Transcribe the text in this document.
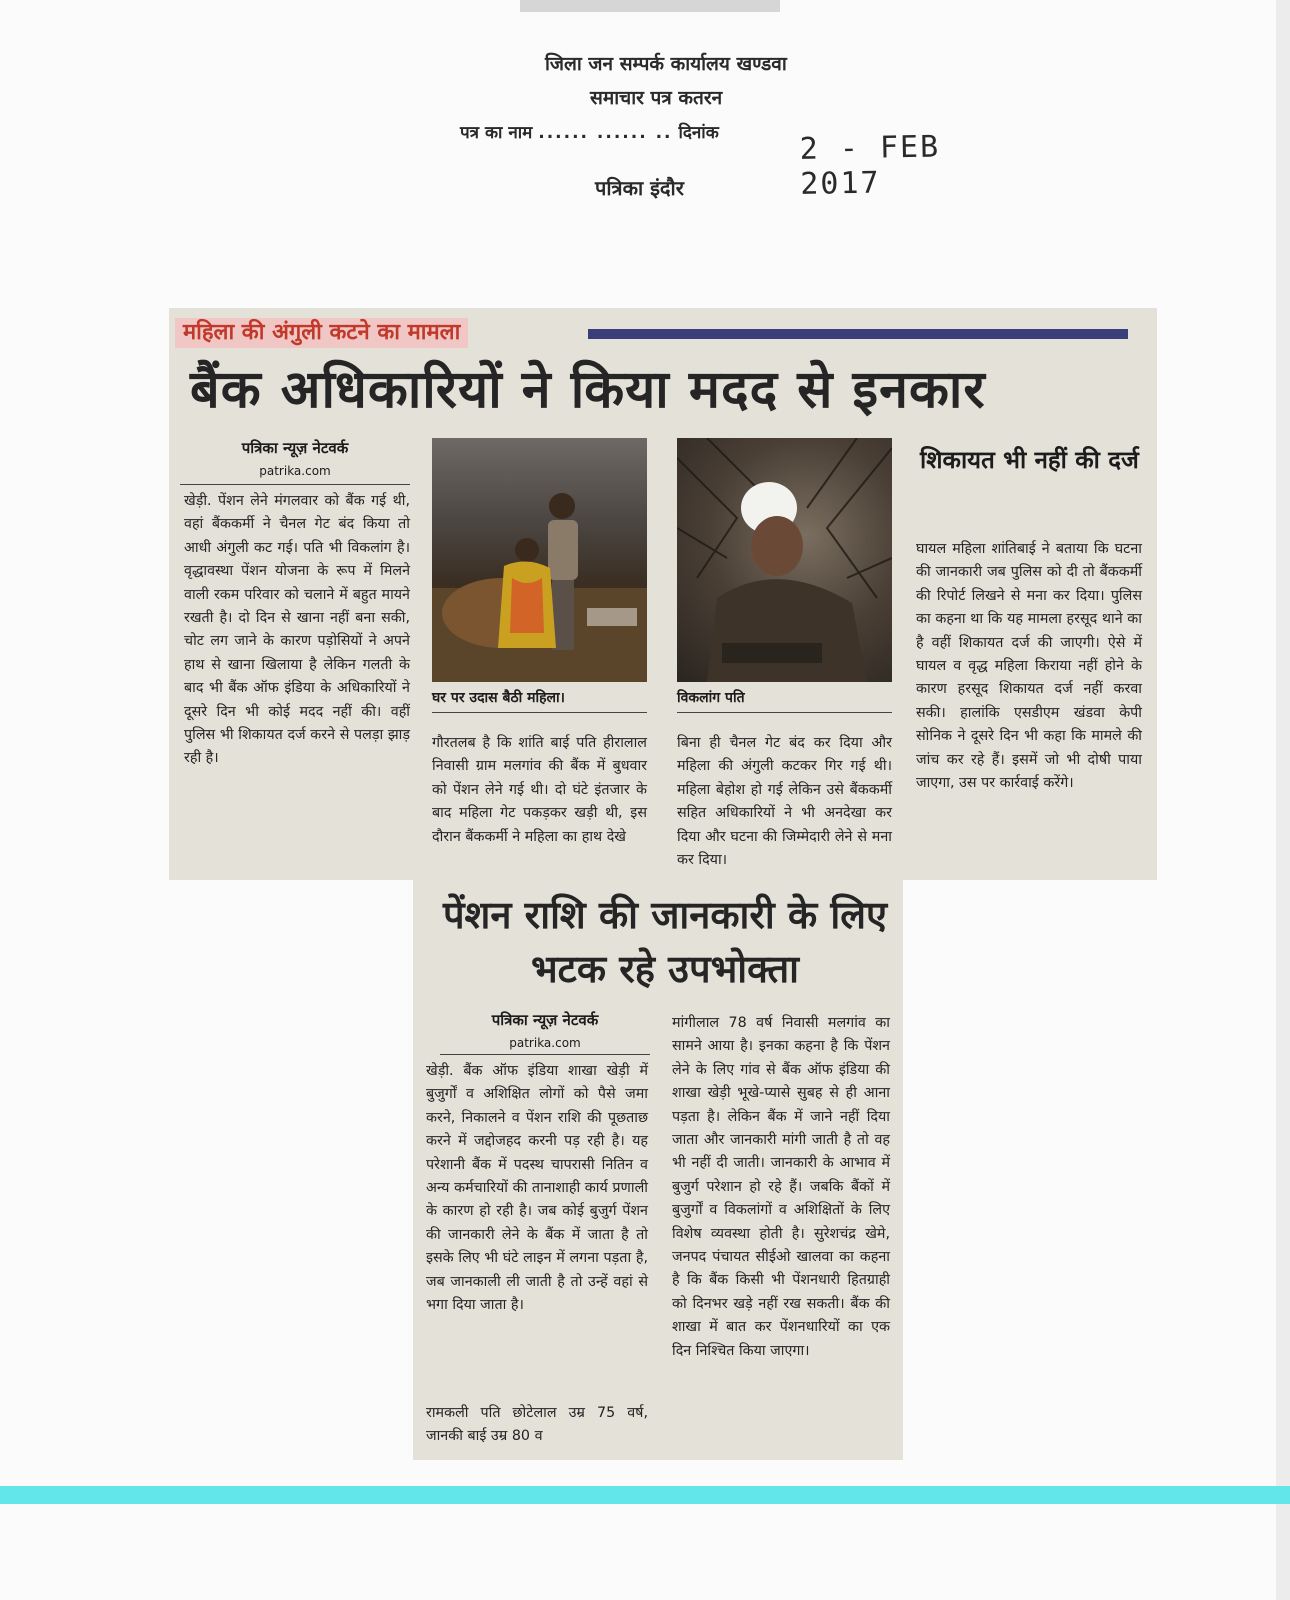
जिला जन सम्पर्क कार्यालय खण्डवा
समाचार पत्र कतरन
पत्र का नाम ...... ...... .. दिनांक	2 - FEB 2017
पत्रिका इंदौर
महिला की अंगुली कटने का मामला
बैंक अधिकारियों ने किया मदद से इनकार
पत्रिका न्यूज़ नेटवर्क
patrika.com
खेड़ी. पेंशन लेने मंगलवार को बैंक गई थी, वहां बैंककर्मी ने चैनल गेट बंद किया तो आधी अंगुली कट गई। पति भी विकलांग है। वृद्धावस्था पेंशन योजना के रूप में मिलने वाली रकम परिवार को चलाने में बहुत मायने रखती है। दो दिन से खाना नहीं बना सकी, चोट लग जाने के कारण पड़ोसियों ने अपने हाथ से खाना खिलाया है लेकिन गलती के बाद भी बैंक ऑफ इंडिया के अधिकारियों ने दूसरे दिन भी कोई मदद नहीं की। वहीं पुलिस भी शिकायत दर्ज करने से पलड़ा झाड़ रही है।
घर पर उदास बैठी महिला।	विकलांग पति
गौरतलब है कि शांति बाई पति हीरालाल निवासी ग्राम मलगांव की बैंक में बुधवार को पेंशन लेने गई थी। दो घंटे इंतजार के बाद महिला गेट पकड़कर खड़ी थी, इस दौरान बैंककर्मी ने महिला का हाथ देखे
बिना ही चैनल गेट बंद कर दिया और महिला की अंगुली कटकर गिर गई थी। महिला बेहोश हो गई लेकिन उसे बैंककर्मी सहित अधिकारियों ने भी अनदेखा कर दिया और घटना की जिम्मेदारी लेने से मना कर दिया।
शिकायत भी नहीं की दर्ज
घायल महिला शांतिबाई ने बताया कि घटना की जानकारी जब पुलिस को दी तो बैंककर्मी की रिपोर्ट लिखने से मना कर दिया। पुलिस का कहना था कि यह मामला हरसूद थाने का है वहीं शिकायत दर्ज की जाएगी। ऐसे में घायल व वृद्ध महिला किराया नहीं होने के कारण हरसूद शिकायत दर्ज नहीं करवा सकी। हालांकि एसडीएम खंडवा केपी सोनिक ने दूसरे दिन भी कहा कि मामले की जांच कर रहे हैं। इसमें जो भी दोषी पाया जाएगा, उस पर कार्रवाई करेंगे।
पेंशन राशि की जानकारी के लिए भटक रहे उपभोक्ता
पत्रिका न्यूज़ नेटवर्क
patrika.com
खेड़ी. बैंक ऑफ इंडिया शाखा खेड़ी में बुजुर्गों व अशिक्षित लोगों को पैसे जमा करने, निकालने व पेंशन राशि की पूछताछ करने में जद्दोजहद करनी पड़ रही है। यह परेशानी बैंक में पदस्थ चापरासी नितिन व अन्य कर्मचारियों की तानाशाही कार्य प्रणाली के कारण हो रही है। जब कोई बुजुर्ग पेंशन की जानकारी लेने के बैंक में जाता है तो इसके लिए भी घंटे लाइन में लगना पड़ता है, जब जानकाली ली जाती है तो उन्हें वहां से भगा दिया जाता है।
रामकली पति छोटेलाल उम्र 75 वर्ष, जानकी बाई उम्र 80 व
मांगीलाल 78 वर्ष निवासी मलगांव का सामने आया है। इनका कहना है कि पेंशन लेने के लिए गांव से बैंक ऑफ इंडिया की शाखा खेड़ी भूखे-प्यासे सुबह से ही आना पड़ता है। लेकिन बैंक में जाने नहीं दिया जाता और जानकारी मांगी जाती है तो वह भी नहीं दी जाती। जानकारी के आभाव में बुजुर्ग परेशान हो रहे हैं। जबकि बैंकों में बुजुर्गों व विकलांगों व अशिक्षितों के लिए विशेष व्यवस्था होती है। सुरेशचंद्र खेमे, जनपद पंचायत सीईओ खालवा का कहना है कि बैंक किसी भी पेंशनधारी हितग्राही को दिनभर खड़े नहीं रख सकती। बैंक की शाखा में बात कर पेंशनधारियों का एक दिन निश्चित किया जाएगा।
